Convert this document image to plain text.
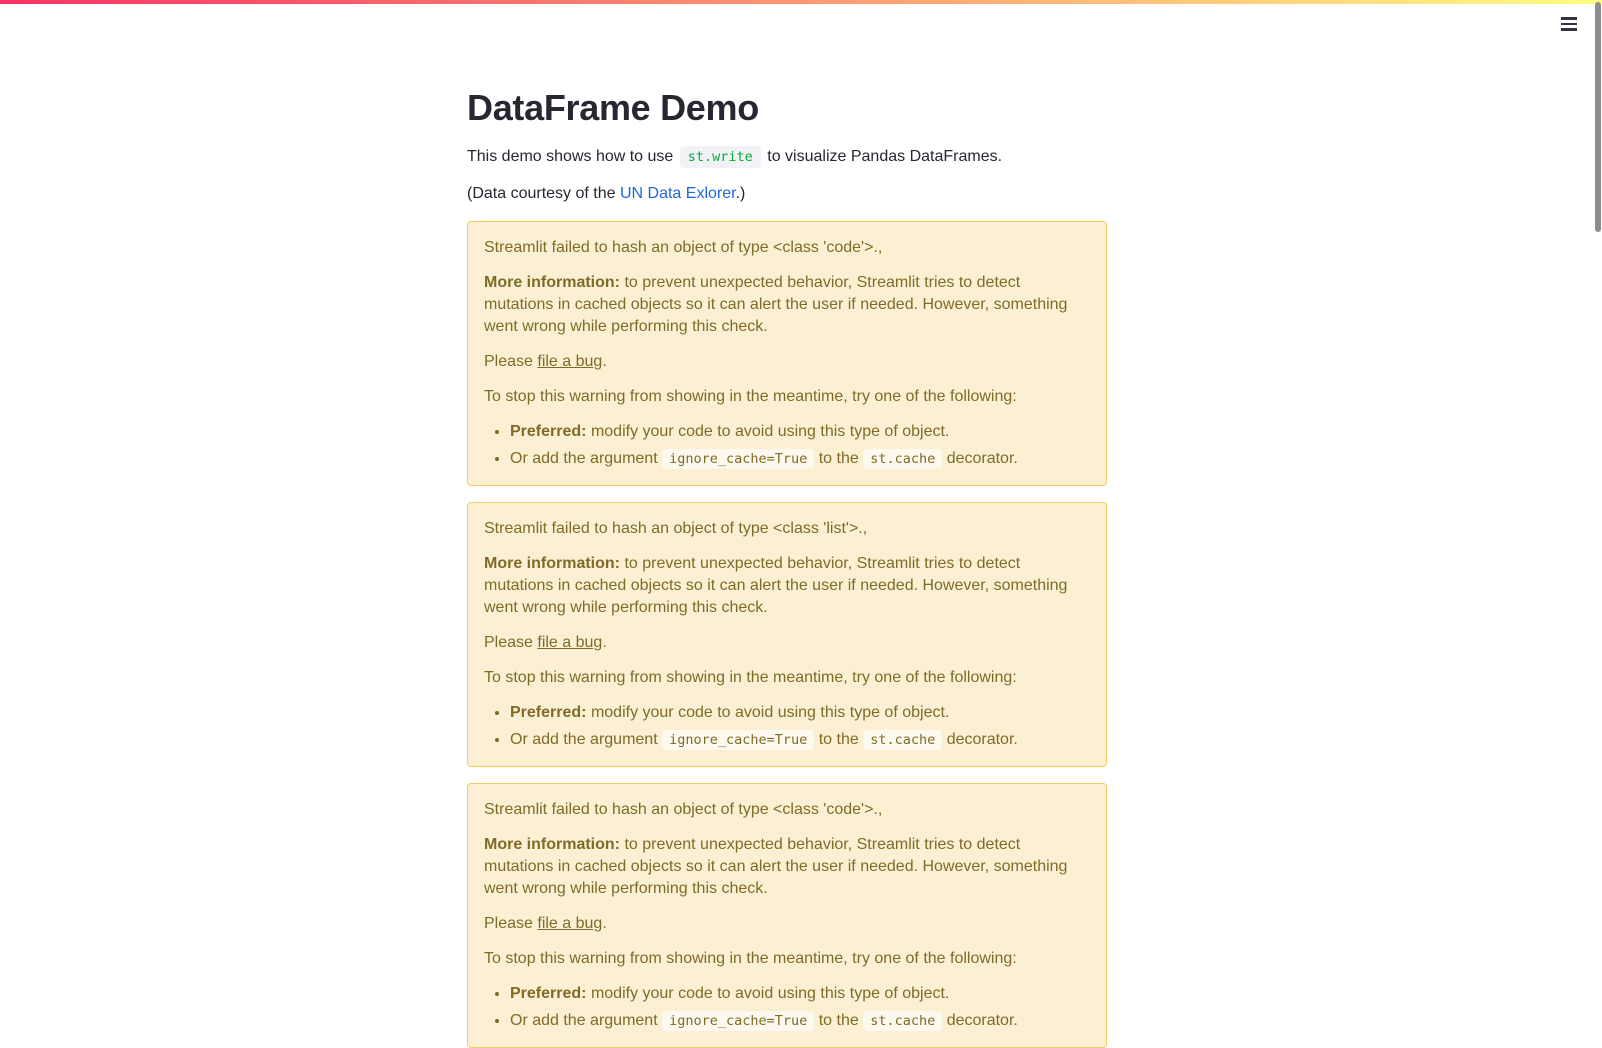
DataFrame Demo

This demo shows how to use st.write to visualize Pandas DataFrames.

(Data courtesy of the UN Data Exlorer.)

Streamlit failed to hash an object of type <class 'code'>.,

More information: to prevent unexpected behavior, Streamlit tries to detect mutations in cached objects so it can alert the user if needed. However, something went wrong while performing this check.

Please file a bug.

To stop this warning from showing in the meantime, try one of the following:

• Preferred: modify your code to avoid using this type of object.
• Or add the argument ignore_cache=True to the st.cache decorator.

Streamlit failed to hash an object of type <class 'list'>.,

More information: to prevent unexpected behavior, Streamlit tries to detect mutations in cached objects so it can alert the user if needed. However, something went wrong while performing this check.

Please file a bug.

To stop this warning from showing in the meantime, try one of the following:

• Preferred: modify your code to avoid using this type of object.
• Or add the argument ignore_cache=True to the st.cache decorator.

Streamlit failed to hash an object of type <class 'code'>.,

More information: to prevent unexpected behavior, Streamlit tries to detect mutations in cached objects so it can alert the user if needed. However, something went wrong while performing this check.

Please file a bug.

To stop this warning from showing in the meantime, try one of the following:

• Preferred: modify your code to avoid using this type of object.
• Or add the argument ignore_cache=True to the st.cache decorator.
